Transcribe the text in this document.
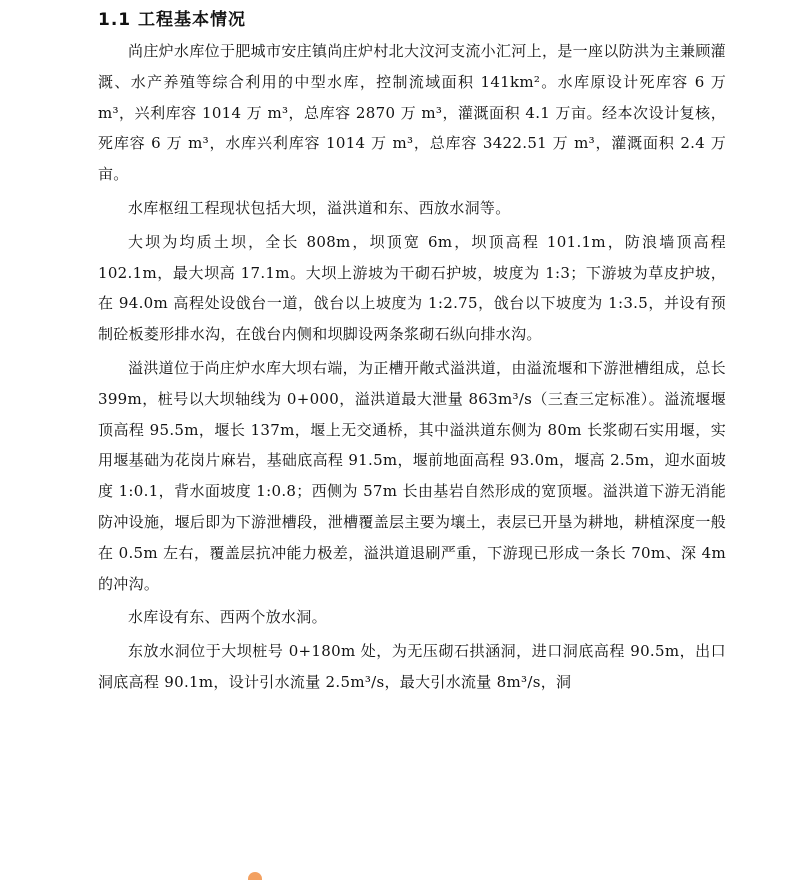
1.1 工程基本情况

尚庄炉水库位于肥城市安庄镇尚庄炉村北大汶河支流小汇河上，是一座以防洪为主兼顾灌溉、水产养殖等综合利用的中型水库，控制流域面积 141km²。水库原设计死库容 6 万 m³，兴利库容 1014 万 m³，总库容 2870 万 m³，灌溉面积 4.1 万亩。经本次设计复核，死库容 6 万 m³，水库兴利库容 1014 万 m³，总库容 3422.51 万 m³，灌溉面积 2.4 万亩。

水库枢纽工程现状包括大坝，溢洪道和东、西放水洞等。

大坝为均质土坝，全长 808m，坝顶宽 6m，坝顶高程 101.1m，防浪墙顶高程 102.1m，最大坝高 17.1m。大坝上游坡为干砌石护坡，坡度为 1:3；下游坡为草皮护坡，在 94.0m 高程处设戗台一道，戗台以上坡度为 1:2.75，戗台以下坡度为 1:3.5，并设有预制砼板菱形排水沟，在戗台内侧和坝脚设两条浆砌石纵向排水沟。

溢洪道位于尚庄炉水库大坝右端，为正槽开敞式溢洪道，由溢流堰和下游泄槽组成，总长 399m，桩号以大坝轴线为 0+000，溢洪道最大泄量 863m³/s（三查三定标准）。溢流堰堰顶高程 95.5m，堰长 137m，堰上无交通桥，其中溢洪道东侧为 80m 长浆砌石实用堰，实用堰基础为花岗片麻岩，基础底高程 91.5m，堰前地面高程 93.0m，堰高 2.5m，迎水面坡度 1:0.1，背水面坡度 1:0.8；西侧为 57m 长由基岩自然形成的宽顶堰。溢洪道下游无消能防冲设施，堰后即为下游泄槽段，泄槽覆盖层主要为壤土，表层已开垦为耕地，耕植深度一般在 0.5m 左右，覆盖层抗冲能力极差，溢洪道退刷严重，下游现已形成一条长 70m、深 4m 的冲沟。

水库设有东、西两个放水洞。

东放水洞位于大坝桩号 0+180m 处，为无压砌石拱涵洞，进口洞底高程 90.5m，出口洞底高程 90.1m，设计引水流量 2.5m³/s，最大引水流量 8m³/s，洞
